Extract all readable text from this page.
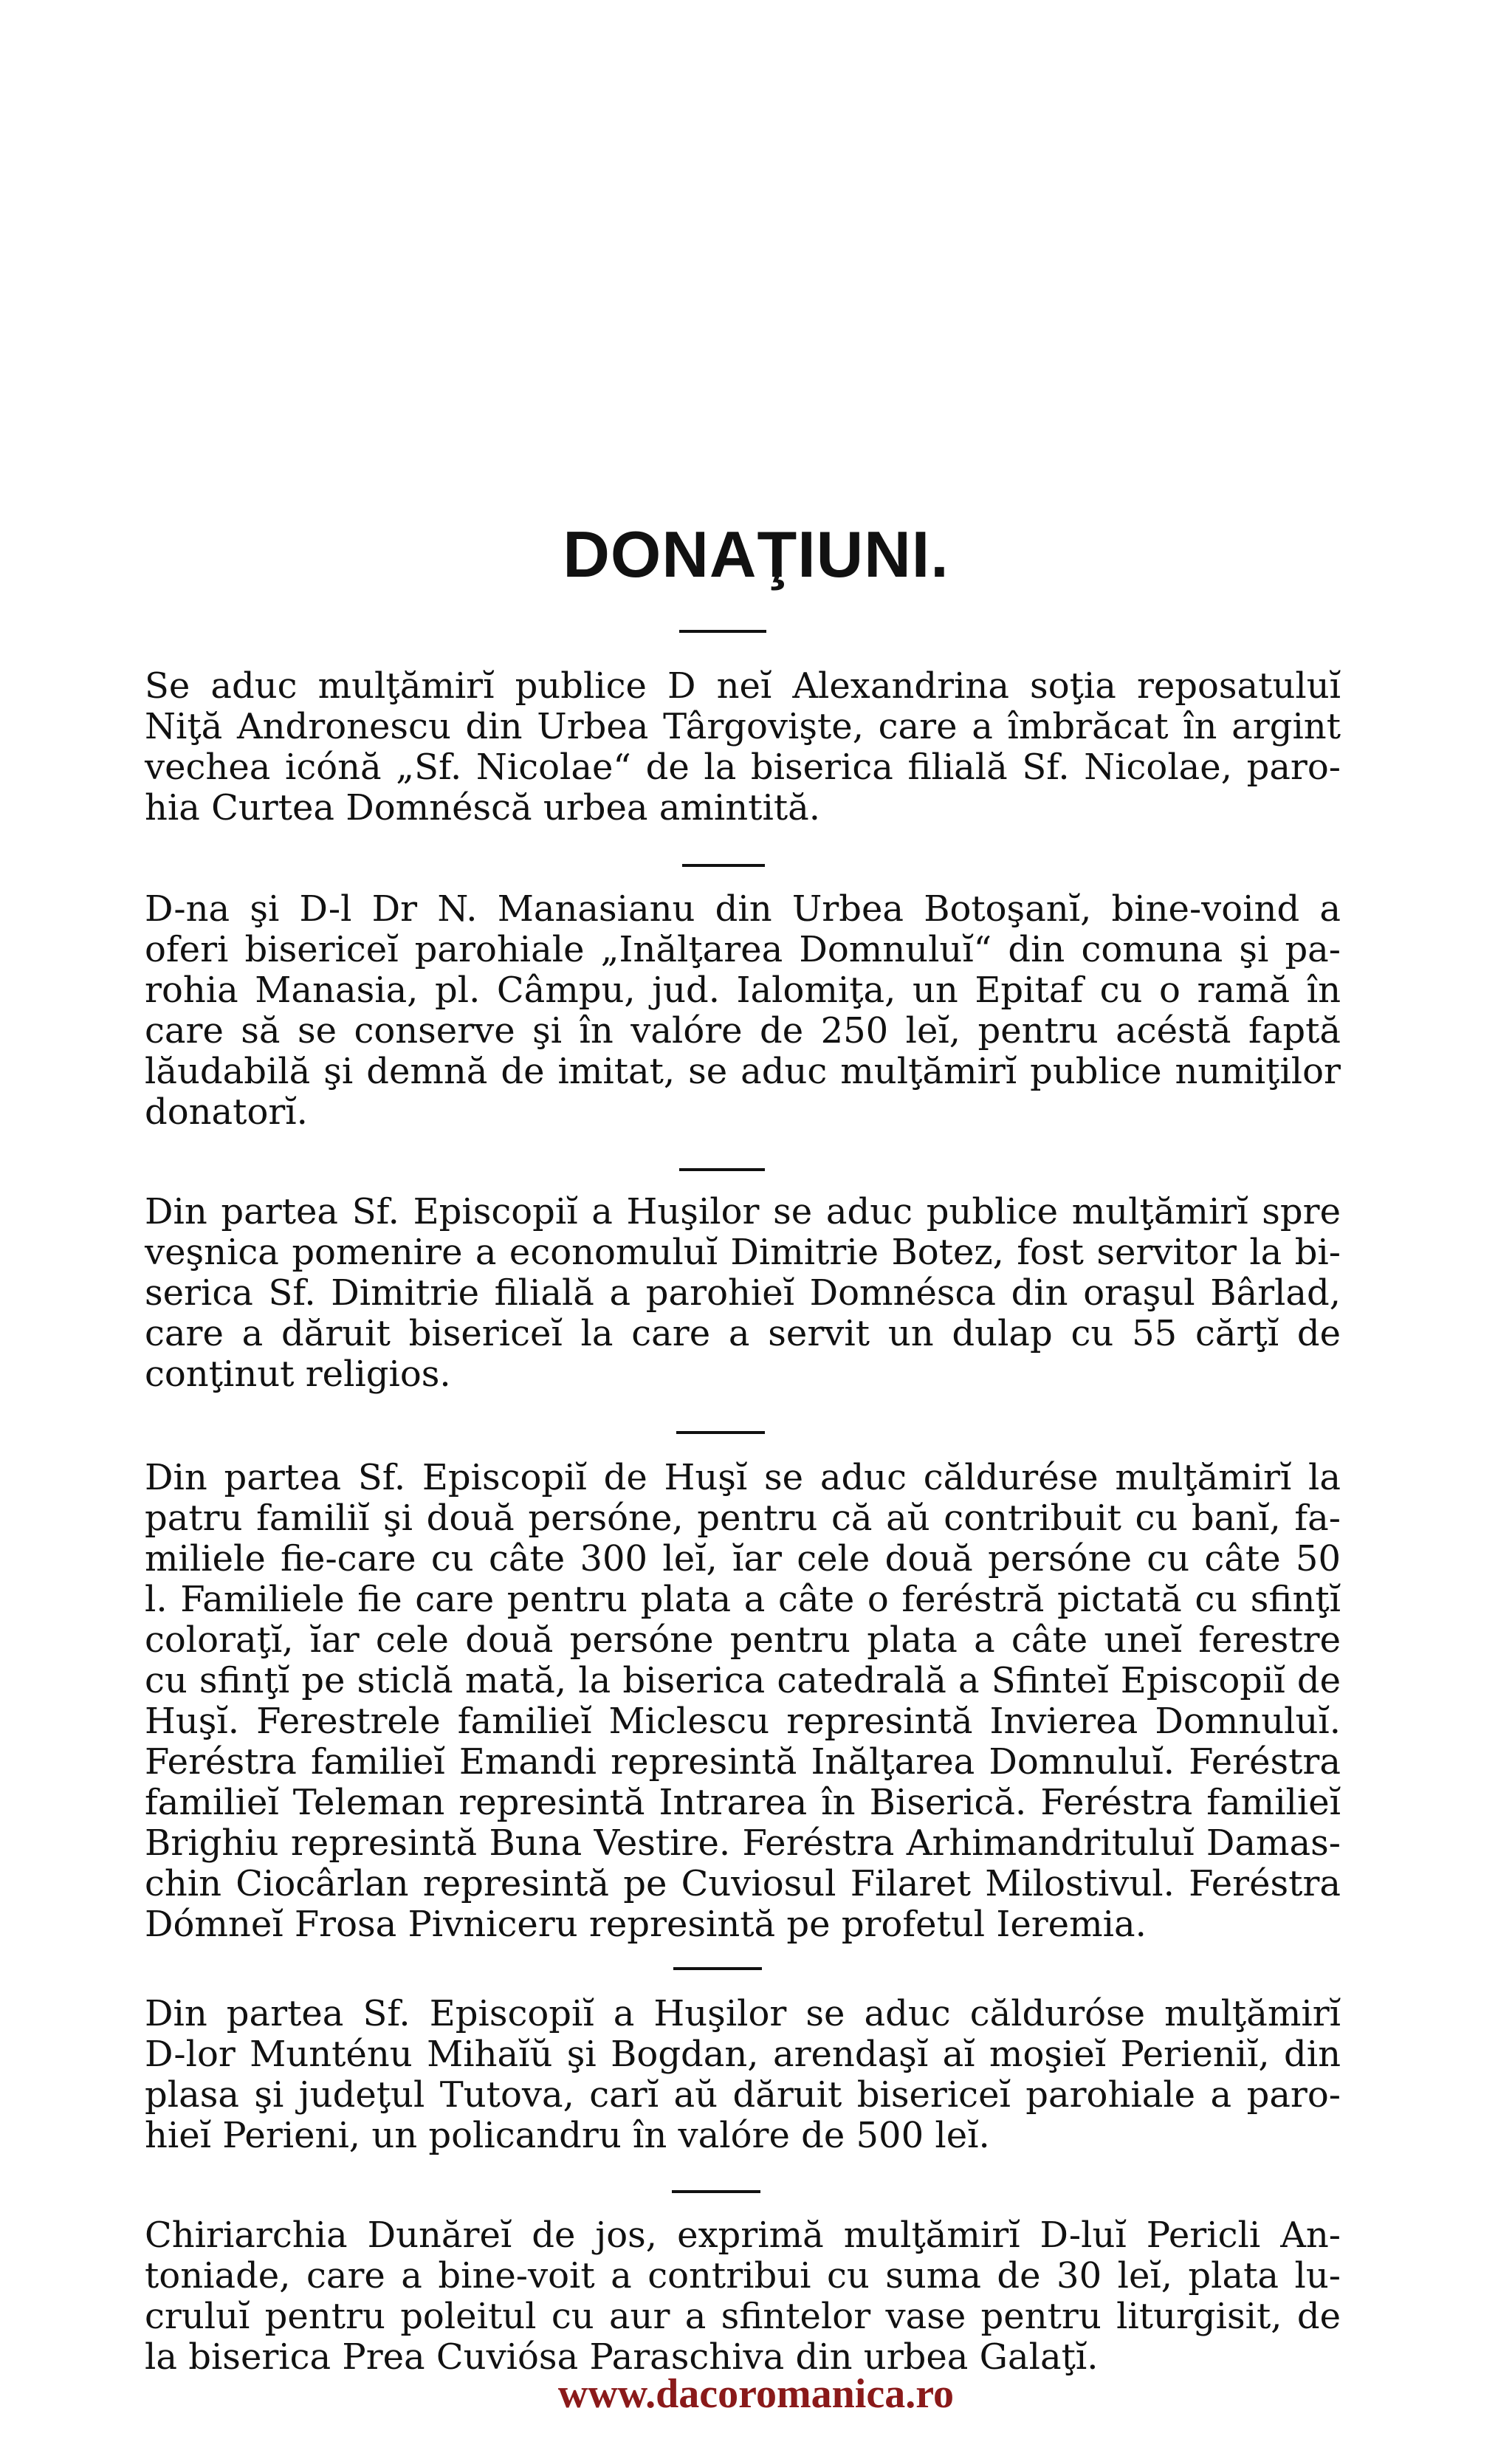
DONAŢIUNI.

Se aduc mulţămirĭ publice D neĭ Alexandrina soţia reposatuluĭ
Niţă Andronescu din Urbea Târgovişte, care a îmbrăcat în argint
vechea icónă „Sf. Nicolae“ de la biserica filială Sf. Nicolae, paro-
hia Curtea Domnéscă urbea amintită.

D-na şi D-l Dr N. Manasianu din Urbea Botoşanĭ, bine-voind a
oferi bisericeĭ parohiale „Inălţarea Domnuluĭ“ din comuna şi pa-
rohia Manasia, pl. Câmpu, jud. Ialomiţa, un Epitaf cu o ramă în
care să se conserve şi în valóre de 250 leĭ, pentru acéstă faptă
lăudabilă şi demnă de imitat, se aduc mulţămirĭ publice numiţilor
donatorĭ.

Din partea Sf. Episcopiĭ a Huşilor se aduc publice mulţămirĭ spre
veşnica pomenire a economuluĭ Dimitrie Botez, fost servitor la bi-
serica Sf. Dimitrie filială a parohieĭ Domnésca din oraşul Bârlad,
care a dăruit bisericeĭ la care a servit un dulap cu 55 cărţĭ de
conţinut religios.

Din partea Sf. Episcopiĭ de Huşĭ se aduc căldurése mulţămirĭ la
patru familiĭ şi două persóne, pentru că aŭ contribuit cu banĭ, fa-
miliele fie-care cu câte 300 leĭ, ĭar cele două persóne cu câte 50
l. Familiele fie care pentru plata a câte o feréstră pictată cu sfinţĭ
coloraţĭ, ĭar cele două persóne pentru plata a câte uneĭ ferestre
cu sfinţĭ pe sticlă mată, la biserica catedrală a Sfinteĭ Episcopiĭ de
Huşĭ. Ferestrele familieĭ Miclescu represintă Invierea Domnuluĭ.
Feréstra familieĭ Emandi represintă Inălţarea Domnuluĭ. Feréstra
familieĭ Teleman represintă Intrarea în Biserică. Feréstra familieĭ
Brighiu represintă Buna Vestire. Feréstra Arhimandrituluĭ Damas-
chin Ciocârlan represintă pe Cuviosul Filaret Milostivul. Feréstra
Dómneĭ Frosa Pivniceru represintă pe profetul Ieremia.

Din partea Sf. Episcopiĭ a Huşilor se aduc căldurόse mulţămirĭ
D-lor Munténu Mihaĭŭ şi Bogdan, arendaşĭ aĭ moşieĭ Perieniĭ, din
plasa şi judeţul Tutova, carĭ aŭ dăruit bisericeĭ parohiale a paro-
hieĭ Perieni, un policandru în valóre de 500 leĭ.

Chiriarchia Dunăreĭ de jos, exprimă mulţămirĭ D-luĭ Pericli An-
toniade, care a bine-voit a contribui cu suma de 30 leĭ, plata lu-
cruluĭ pentru poleitul cu aur a sfintelor vase pentru liturgisit, de
la biserica Prea Cuviósa Paraschiva din urbea Galaţĭ.

www.dacoromanica.ro
